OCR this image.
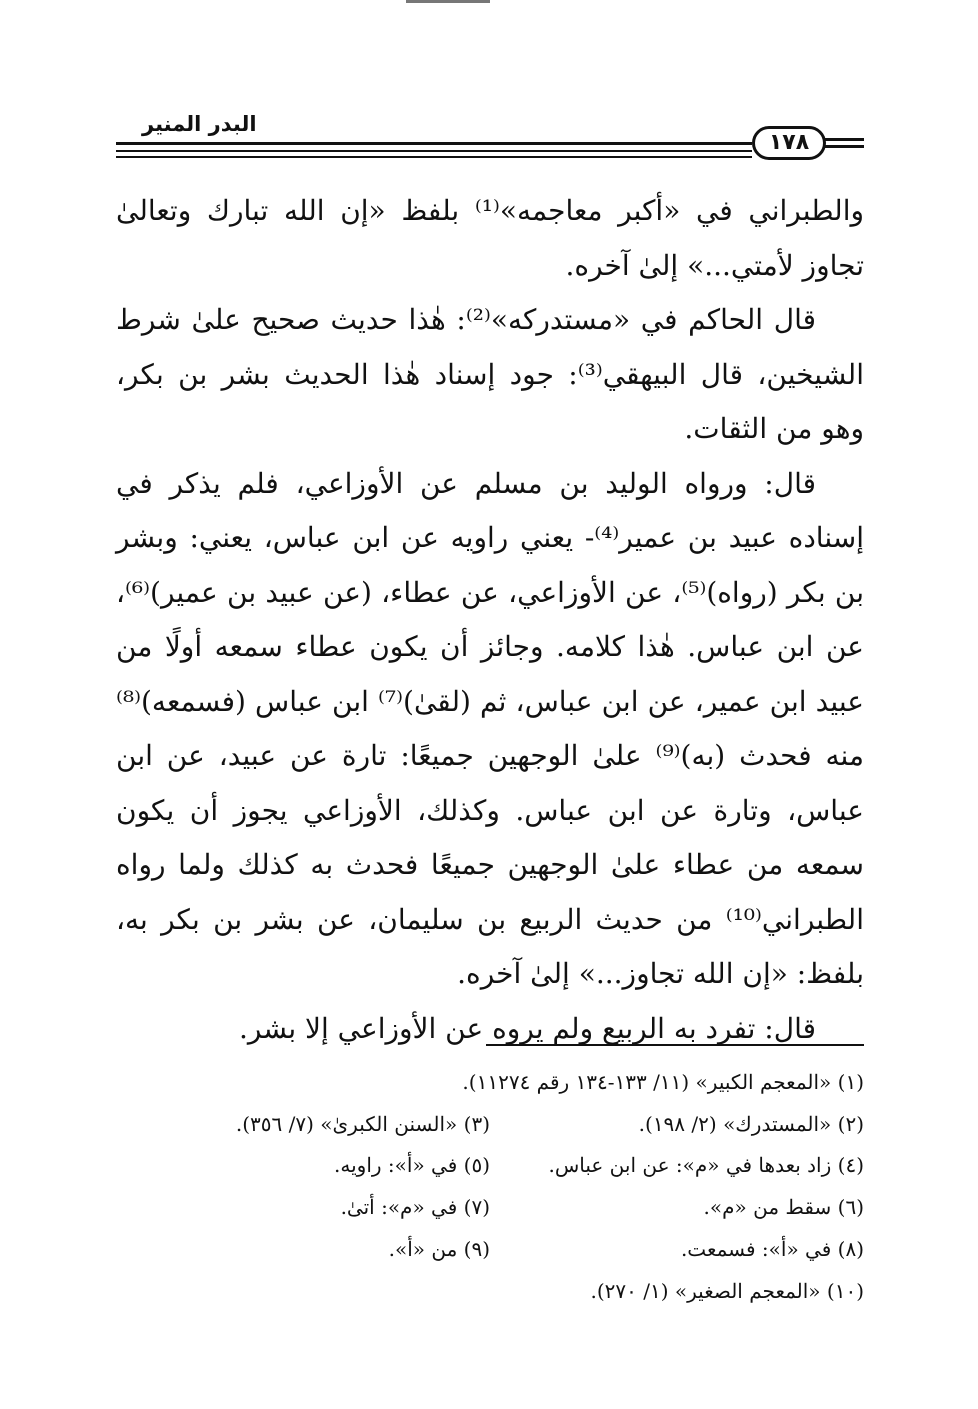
البدر المنير
١٧٨

والطبراني في «أكبر معاجمه»⁽¹⁾ بلفظ «إن الله تبارك وتعالىٰ تجاوز لأمتي...» إلىٰ آخره.

قال الحاكم في «مستدركه»⁽²⁾: هٰذا حديث صحيح علىٰ شرط الشيخين، قال البيهقي⁽³⁾: جود إسناد هٰذا الحديث بشر بن بكر، وهو من الثقات.

قال: ورواه الوليد بن مسلم عن الأوزاعي، فلم يذكر في إسناده عبيد بن عمير⁽⁴⁾- يعني راويه عن ابن عباس، يعني: وبشر بن بكر (رواه)⁽⁵⁾، عن الأوزاعي، عن عطاء، (عن عبيد بن عمير)⁽⁶⁾، عن ابن عباس. هٰذا كلامه. وجائز أن يكون عطاء سمعه أولًا من عبيد ابن عمير، عن ابن عباس، ثم (لقىٰ)⁽⁷⁾ ابن عباس (فسمعه)⁽⁸⁾ منه فحدث (به)⁽⁹⁾ علىٰ الوجهين جميعًا: تارة عن عبيد، عن ابن عباس، وتارة عن ابن عباس. وكذلك، الأوزاعي يجوز أن يكون سمعه من عطاء علىٰ الوجهين جميعًا فحدث به كذلك ولما رواه الطبراني⁽¹⁰⁾ من حديث الربيع بن سليمان، عن بشر بن بكر به، بلفظ: «إن الله تجاوز...» إلىٰ آخره.

قال: تفرد به الربيع ولم يروه عن الأوزاعي إلا بشر.

(١) «المعجم الكبير» (١١/ ١٣٣-١٣٤ رقم ١١٢٧٤).
(٢) «المستدرك» (٢/ ١٩٨).
(٣) «السنن الكبرىٰ» (٧/ ٣٥٦).
(٤) زاد بعدها في «م»: عن ابن عباس.
(٥) في «أ»: راويه.
(٦) سقط من «م».
(٧) في «م»: أتىٰ.
(٨) في «أ»: فسمعت.
(٩) من «أ».
(١٠) «المعجم الصغير» (١/ ٢٧٠).
